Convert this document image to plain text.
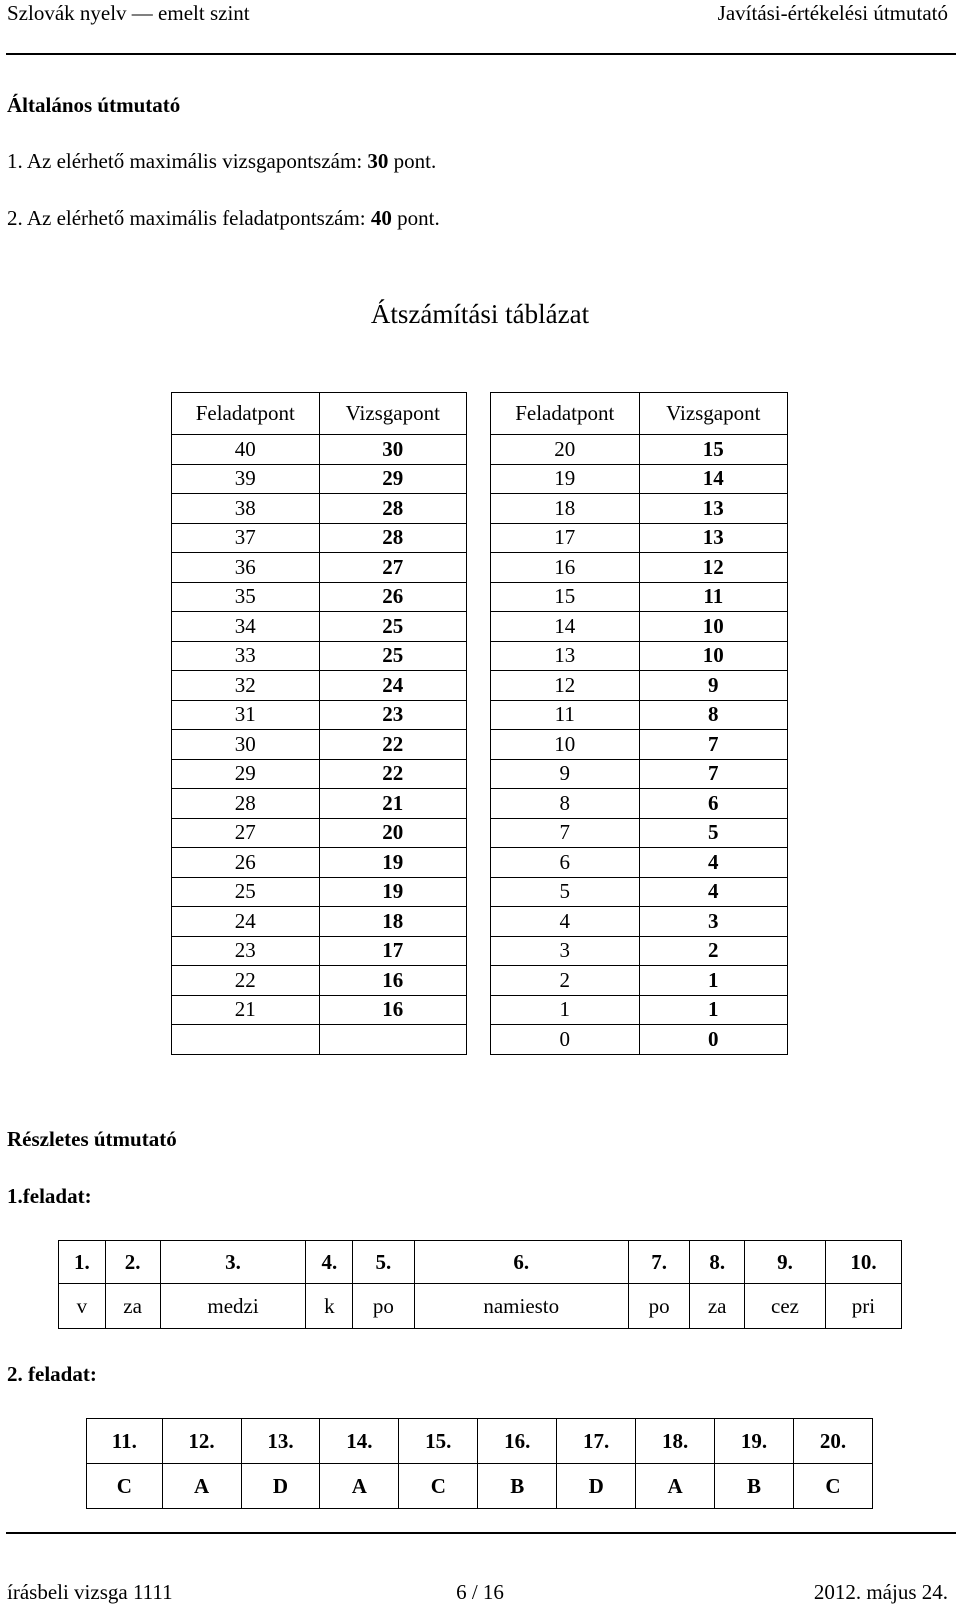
Szlovák nyelv — emelt szint	Javítási-értékelési útmutató
Általános útmutató
1. Az elérhető maximális vizsgapontszám: 30 pont.
2. Az elérhető maximális feladatpontszám: 40 pont.
Átszámítási táblázat
Feladatpont	Vizsgapont
40	30
39	29
38	28
37	28
36	27
35	26
34	25
33	25
32	24
31	23
30	22
29	22
28	21
27	20
26	19
25	19
24	18
23	17
22	16
21	16

Feladatpont	Vizsgapont
20	15
19	14
18	13
17	13
16	12
15	11
14	10
13	10
12	9
11	8
10	7
9	7
8	6
7	5
6	4
5	4
4	3
3	2
2	1
1	1
0	0
Részletes útmutató
1.feladat:
1.	2.	3.	4.	5.	6.	7.	8.	9.	10.
v	za	medzi	k	po	namiesto	po	za	cez	pri
2. feladat:
11.	12.	13.	14.	15.	16.	17.	18.	19.	20.
C	A	D	A	C	B	D	A	B	C
írásbeli vizsga 1111	6 / 16	2012. május 24.
